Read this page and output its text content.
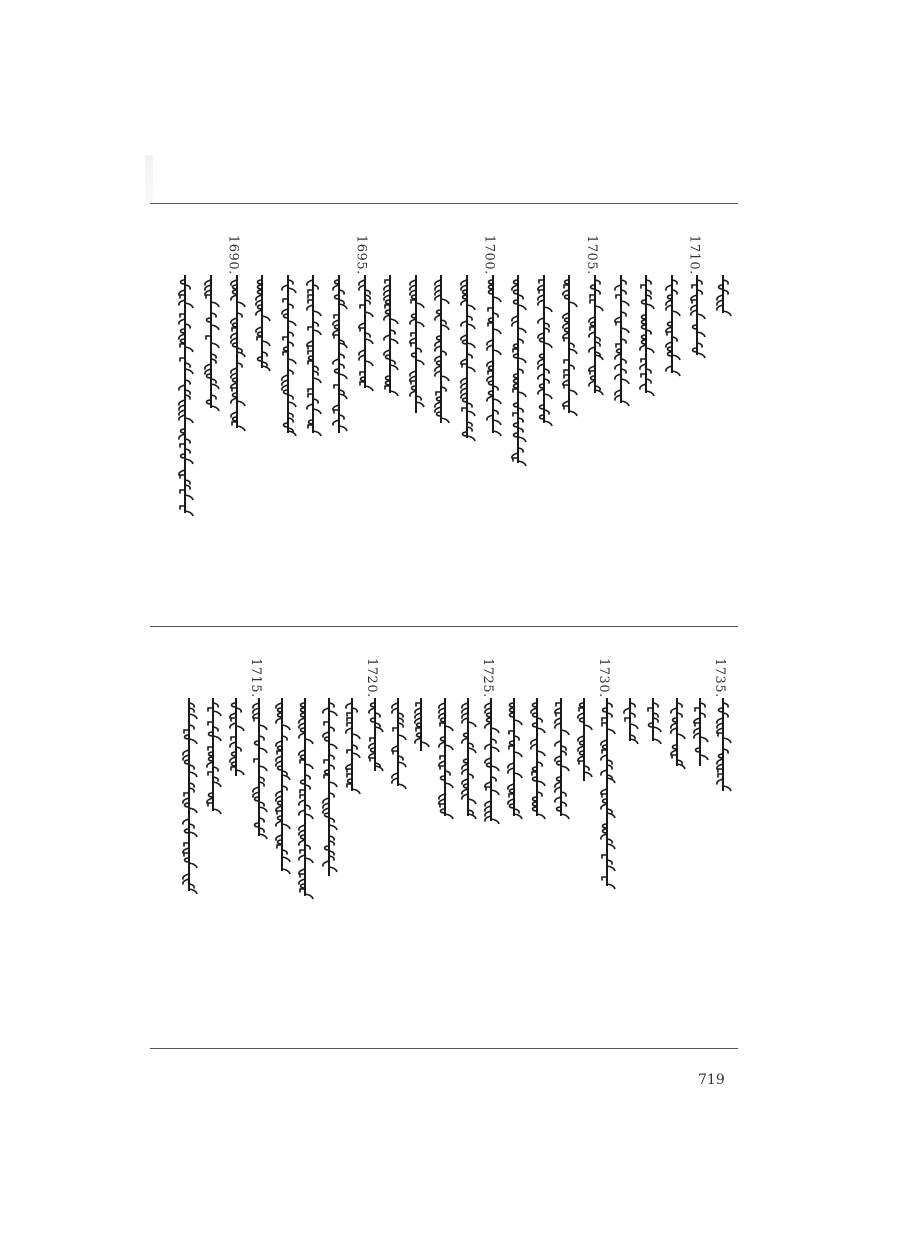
1710.
1705.
1700.
1695.
1690.
1735.
1730.
1725.
1720.
1715.
719
